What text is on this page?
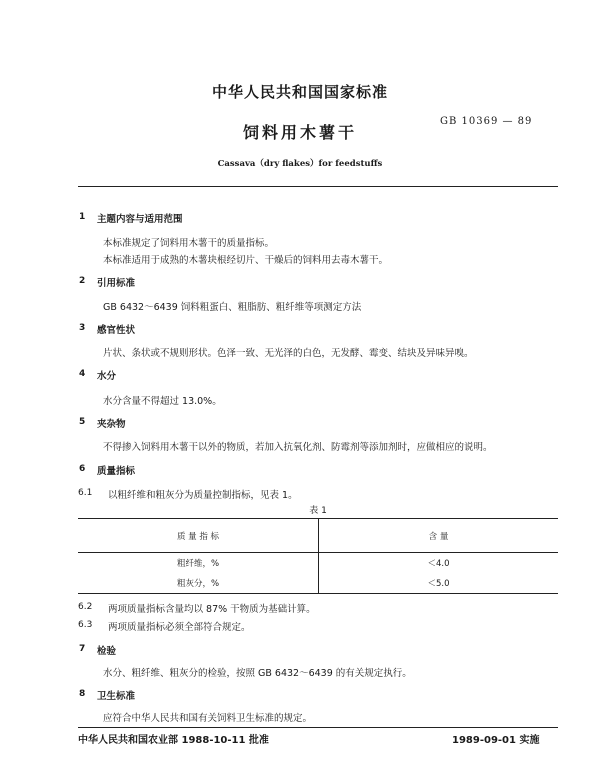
中华人民共和国国家标准
GB 10369 — 89
饲料用木薯干
Cassava（dry flakes）for feedstuffs
1 主题内容与适用范围
本标准规定了饲料用木薯干的质量指标。
本标准适用于成熟的木薯块根经切片、干燥后的饲料用去毒木薯干。
2 引用标准
GB 6432～6439 饲料粗蛋白、粗脂肪、粗纤维等项测定方法
3 感官性状
片状、条状或不规则形状。色泽一致、无光泽的白色，无发酵、霉变、结块及异味异嗅。
4 水分
水分含量不得超过 13.0%。
5 夹杂物
不得掺入饲料用木薯干以外的物质，若加入抗氧化剂、防霉剂等添加剂时，应做相应的说明。
6 质量指标
6.1 以粗纤维和粗灰分为质量控制指标，见表 1。
表 1
质 量 指 标	含 量
粗纤维，%	＜4.0
粗灰分，%	＜5.0
6.2 两项质量指标含量均以 87% 干物质为基础计算。
6.3 两项质量指标必须全部符合规定。
7 检验
水分、粗纤维、粗灰分的检验，按照 GB 6432～6439 的有关规定执行。
8 卫生标准
应符合中华人民共和国有关饲料卫生标准的规定。
中华人民共和国农业部 1988-10-11 批准	1989-09-01 实施
